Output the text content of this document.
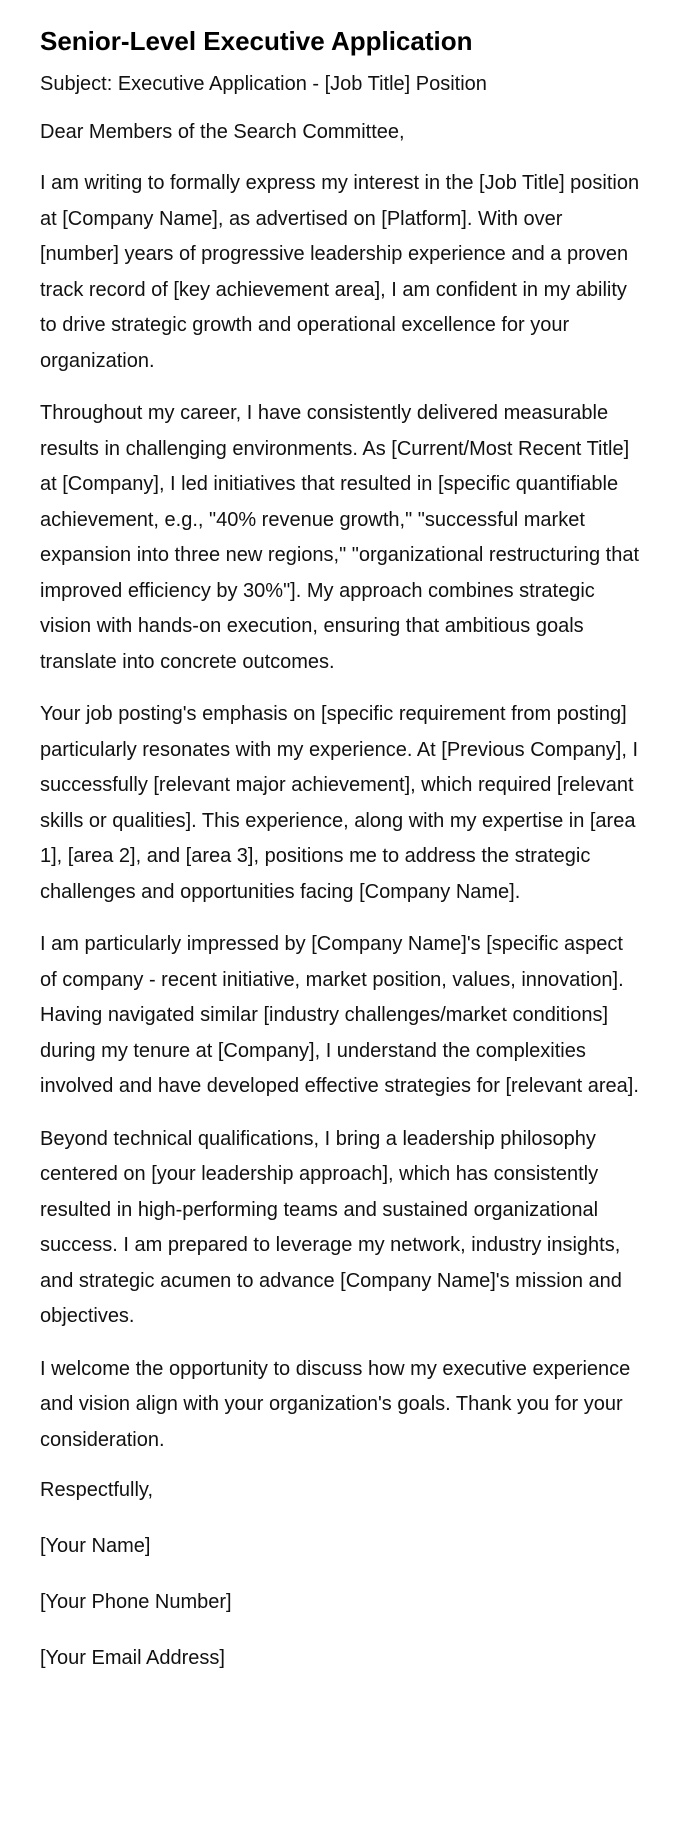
Senior-Level Executive Application

Subject: Executive Application - [Job Title] Position

Dear Members of the Search Committee,

I am writing to formally express my interest in the [Job Title] position at [Company Name], as advertised on [Platform]. With over [number] years of progressive leadership experience and a proven track record of [key achievement area], I am confident in my ability to drive strategic growth and operational excellence for your organization.

Throughout my career, I have consistently delivered measurable results in challenging environments. As [Current/Most Recent Title] at [Company], I led initiatives that resulted in [specific quantifiable achievement, e.g., "40% revenue growth," "successful market expansion into three new regions," "organizational restructuring that improved efficiency by 30%"]. My approach combines strategic vision with hands-on execution, ensuring that ambitious goals translate into concrete outcomes.

Your job posting's emphasis on [specific requirement from posting] particularly resonates with my experience. At [Previous Company], I successfully [relevant major achievement], which required [relevant skills or qualities]. This experience, along with my expertise in [area 1], [area 2], and [area 3], positions me to address the strategic challenges and opportunities facing [Company Name].

I am particularly impressed by [Company Name]'s [specific aspect of company - recent initiative, market position, values, innovation]. Having navigated similar [industry challenges/market conditions] during my tenure at [Company], I understand the complexities involved and have developed effective strategies for [relevant area].

Beyond technical qualifications, I bring a leadership philosophy centered on [your leadership approach], which has consistently resulted in high-performing teams and sustained organizational success. I am prepared to leverage my network, industry insights, and strategic acumen to advance [Company Name]'s mission and objectives.

I welcome the opportunity to discuss how my executive experience and vision align with your organization's goals. Thank you for your consideration.

Respectfully,

[Your Name]

[Your Phone Number]

[Your Email Address]
